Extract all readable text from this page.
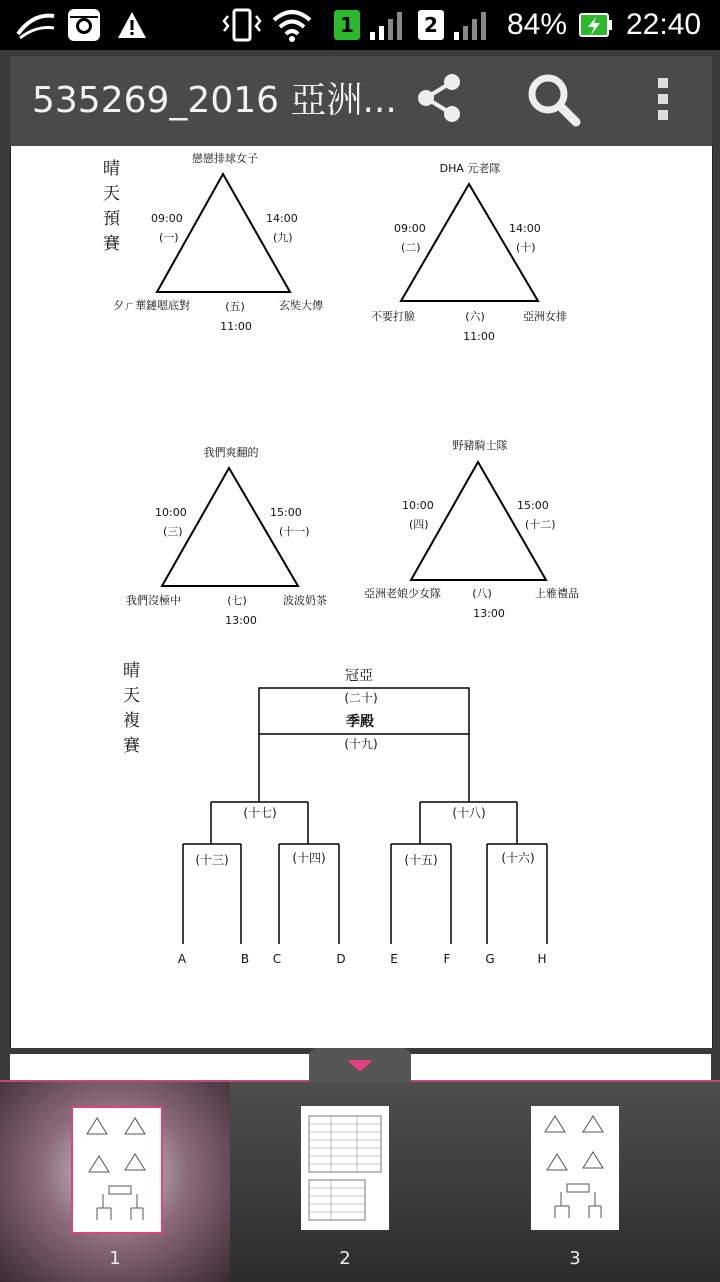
1	2 84% 22:40
535269_2016 亞洲...
晴
天
預
賽
戀戀排球女子
夕ㄏ華鏈嗯底對	玄奘大傳
09:00
(一)
14:00
(九)
(五)
11:00
DHA 元老隊
不要打臉	亞洲女排
09:00
(二)
14:00
(十)
(六)
11:00
我們爽翻的
我們沒極中	波波奶茶
10:00
(三)
15:00
(十一)
(七)
13:00
野豬騎士隊
亞洲老娘少女隊	上雅禮品
10:00
(四)
15:00
(十二)
(八)
13:00
晴
天
複
賽
冠亞
(二十)
季殿
(十九)
(十七)	(十八)
(十三)	(十四)	(十五)	(十六)
A	B C	D	E	F	G	H
1	2	3
